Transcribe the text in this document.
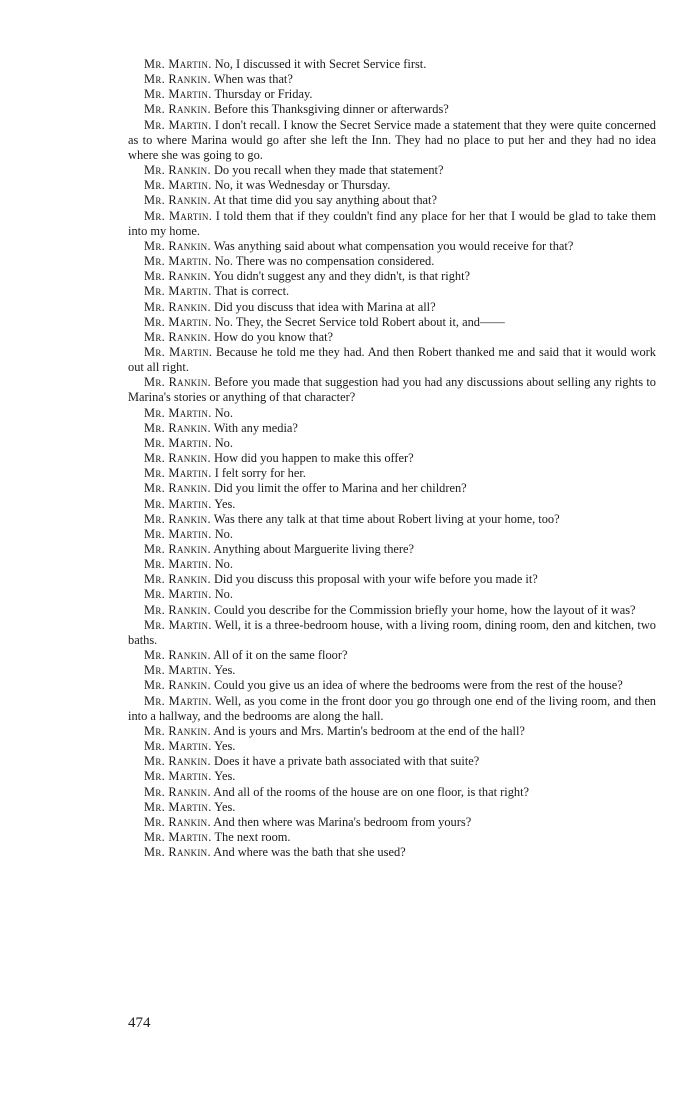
Mr. Martin. No, I discussed it with Secret Service first.

Mr. Rankin. When was that?

Mr. Martin. Thursday or Friday.

Mr. Rankin. Before this Thanksgiving dinner or afterwards?

Mr. Martin. I don't recall. I know the Secret Service made a statement that they were quite concerned as to where Marina would go after she left the Inn. They had no place to put her and they had no idea where she was going to go.

Mr. Rankin. Do you recall when they made that statement?

Mr. Martin. No, it was Wednesday or Thursday.

Mr. Rankin. At that time did you say anything about that?

Mr. Martin. I told them that if they couldn't find any place for her that I would be glad to take them into my home.

Mr. Rankin. Was anything said about what compensation you would receive for that?

Mr. Martin. No. There was no compensation considered.

Mr. Rankin. You didn't suggest any and they didn't, is that right?

Mr. Martin. That is correct.

Mr. Rankin. Did you discuss that idea with Marina at all?

Mr. Martin. No. They, the Secret Service told Robert about it, and——

Mr. Rankin. How do you know that?

Mr. Martin. Because he told me they had. And then Robert thanked me and said that it would work out all right.

Mr. Rankin. Before you made that suggestion had you had any discussions about selling any rights to Marina's stories or anything of that character?

Mr. Martin. No.

Mr. Rankin. With any media?

Mr. Martin. No.

Mr. Rankin. How did you happen to make this offer?

Mr. Martin. I felt sorry for her.

Mr. Rankin. Did you limit the offer to Marina and her children?

Mr. Martin. Yes.

Mr. Rankin. Was there any talk at that time about Robert living at your home, too?

Mr. Martin. No.

Mr. Rankin. Anything about Marguerite living there?

Mr. Martin. No.

Mr. Rankin. Did you discuss this proposal with your wife before you made it?

Mr. Martin. No.

Mr. Rankin. Could you describe for the Commission briefly your home, how the layout of it was?

Mr. Martin. Well, it is a three-bedroom house, with a living room, dining room, den and kitchen, two baths.

Mr. Rankin. All of it on the same floor?

Mr. Martin. Yes.

Mr. Rankin. Could you give us an idea of where the bedrooms were from the rest of the house?

Mr. Martin. Well, as you come in the front door you go through one end of the living room, and then into a hallway, and the bedrooms are along the hall.

Mr. Rankin. And is yours and Mrs. Martin's bedroom at the end of the hall?

Mr. Martin. Yes.

Mr. Rankin. Does it have a private bath associated with that suite?

Mr. Martin. Yes.

Mr. Rankin. And all of the rooms of the house are on one floor, is that right?

Mr. Martin. Yes.

Mr. Rankin. And then where was Marina's bedroom from yours?

Mr. Martin. The next room.

Mr. Rankin. And where was the bath that she used?

474
